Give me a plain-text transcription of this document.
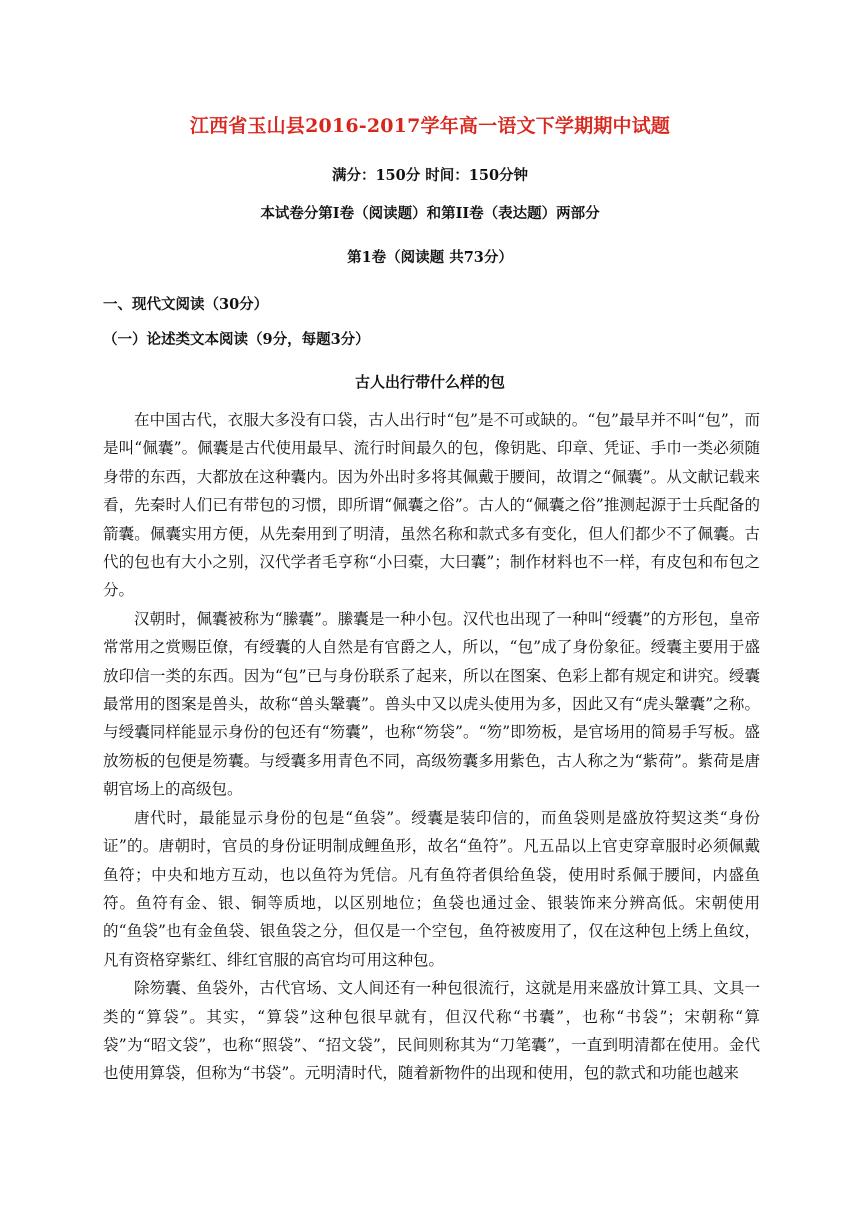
江西省玉山县2016-2017学年高一语文下学期期中试题
满分：150分 时间：150分钟
本试卷分第Ⅰ卷（阅读题）和第II卷（表达题）两部分
第1卷（阅读题 共73分）
一、现代文阅读（30分）
（一）论述类文本阅读（9分，每题3分）
古人出行带什么样的包

在中国古代，衣服大多没有口袋，古人出行时“包”是不可或缺的。“包”最早并不叫“包”，而是叫“佩囊”。佩囊是古代使用最早、流行时间最久的包，像钥匙、印章、凭证、手巾一类必须随身带的东西，大都放在这种囊内。因为外出时多将其佩戴于腰间，故谓之“佩囊”。从文献记载来看，先秦时人们已有带包的习惯，即所谓“佩囊之俗”。古人的“佩囊之俗”推测起源于士兵配备的箭囊。佩囊实用方便，从先秦用到了明清，虽然名称和款式多有变化，但人们都少不了佩囊。古代的包也有大小之别，汉代学者毛亨称“小曰橐，大曰囊”；制作材料也不一样，有皮包和布包之分。

汉朝时，佩囊被称为“縢囊”。縢囊是一种小包。汉代也出现了一种叫“绶囊”的方形包，皇帝常常用之赏赐臣僚，有绶囊的人自然是有官爵之人，所以，“包”成了身份象征。绶囊主要用于盛放印信一类的东西。因为“包”已与身份联系了起来，所以在图案、色彩上都有规定和讲究。绶囊最常用的图案是兽头，故称“兽头鞶囊”。兽头中又以虎头使用为多，因此又有“虎头鞶囊”之称。与绶囊同样能显示身份的包还有“笏囊”，也称“笏袋”。“笏”即笏板，是官场用的简易手写板。盛放笏板的包便是笏囊。与绶囊多用青色不同，高级笏囊多用紫色，古人称之为“紫荷”。紫荷是唐朝官场上的高级包。

唐代时，最能显示身份的包是“鱼袋”。绶囊是装印信的，而鱼袋则是盛放符契这类“身份证”的。唐朝时，官员的身份证明制成鲤鱼形，故名“鱼符”。凡五品以上官吏穿章服时必须佩戴鱼符；中央和地方互动，也以鱼符为凭信。凡有鱼符者俱给鱼袋，使用时系佩于腰间，内盛鱼符。鱼符有金、银、铜等质地，以区别地位；鱼袋也通过金、银装饰来分辨高低。宋朝使用的“鱼袋”也有金鱼袋、银鱼袋之分，但仅是一个空包，鱼符被废用了，仅在这种包上绣上鱼纹，凡有资格穿紫红、绯红官服的高官均可用这种包。

除笏囊、鱼袋外，古代官场、文人间还有一种包很流行，这就是用来盛放计算工具、文具一类的“算袋”。其实，“算袋”这种包很早就有，但汉代称“书囊”，也称“书袋”；宋朝称“算袋”为“昭文袋”，也称“照袋”、“招文袋”，民间则称其为“刀笔囊”，一直到明清都在使用。金代也使用算袋，但称为“书袋”。元明清时代，随着新物件的出现和使用，包的款式和功能也越来
